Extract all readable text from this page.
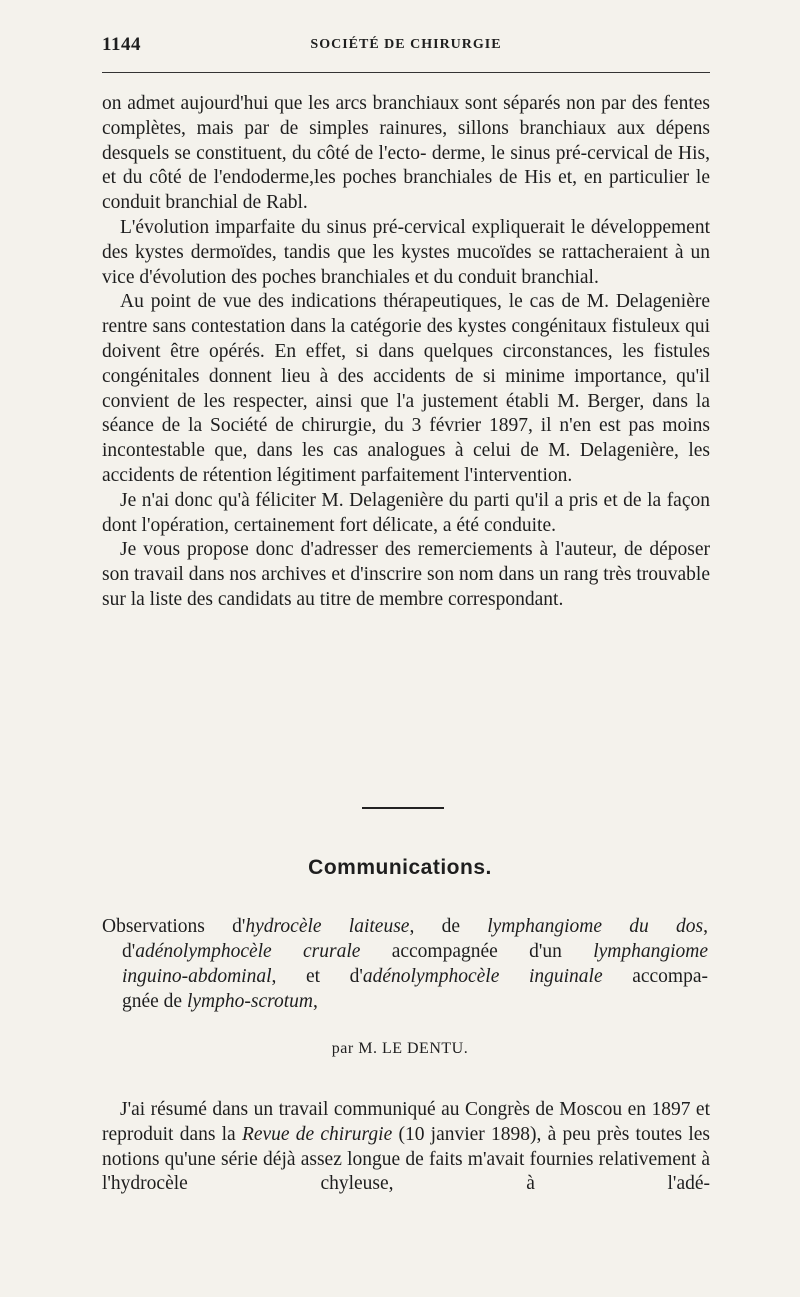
1144	SOCIÉTÉ DE CHIRURGIE

on admet aujourd'hui que les arcs branchiaux sont séparés non par des fentes complètes, mais par de simples rainures, sillons branchiaux aux dépens desquels se constituent, du côté de l'ecto- derme, le sinus pré-cervical de His, et du côté de l'endoderme,les poches branchiales de His et, en particulier le conduit branchial de Rabl.

L'évolution imparfaite du sinus pré-cervical expliquerait le développement des kystes dermoïdes, tandis que les kystes mucoïdes se rattacheraient à un vice d'évolution des poches branchiales et du conduit branchial.

Au point de vue des indications thérapeutiques, le cas de M. Delagenière rentre sans contestation dans la catégorie des kystes congénitaux fistuleux qui doivent être opérés. En effet, si dans quelques circonstances, les fistules congénitales donnent lieu à des accidents de si minime importance, qu'il convient de les respecter, ainsi que l'a justement établi M. Berger, dans la séance de la Société de chirurgie, du 3 février 1897, il n'en est pas moins incontestable que, dans les cas analogues à celui de M. Delagenière, les accidents de rétention légitiment parfaitement l'intervention.

Je n'ai donc qu'à féliciter M. Delagenière du parti qu'il a pris et de la façon dont l'opération, certainement fort délicate, a été conduite.

Je vous propose donc d'adresser des remerciements à l'auteur, de déposer son travail dans nos archives et d'inscrire son nom dans un rang très trouvable sur la liste des candidats au titre de membre correspondant.

Communications.
Observations d'hydrocèle laiteuse, de lymphangiome du dos,
d'adénolymphocèle crurale accompagnée d'un lymphangiome
inguino-abdominal, et d'adénolymphocèle inguinale accompa-
gnée de lympho-scrotum,
par M. LE DENTU.

J'ai résumé dans un travail communiqué au Congrès de Moscou en 1897 et reproduit dans la Revue de chirurgie (10 janvier 1898), à peu près toutes les notions qu'une série déjà assez longue de faits m'avait fournies relativement à l'hydrocèle chyleuse, à l'adé-
